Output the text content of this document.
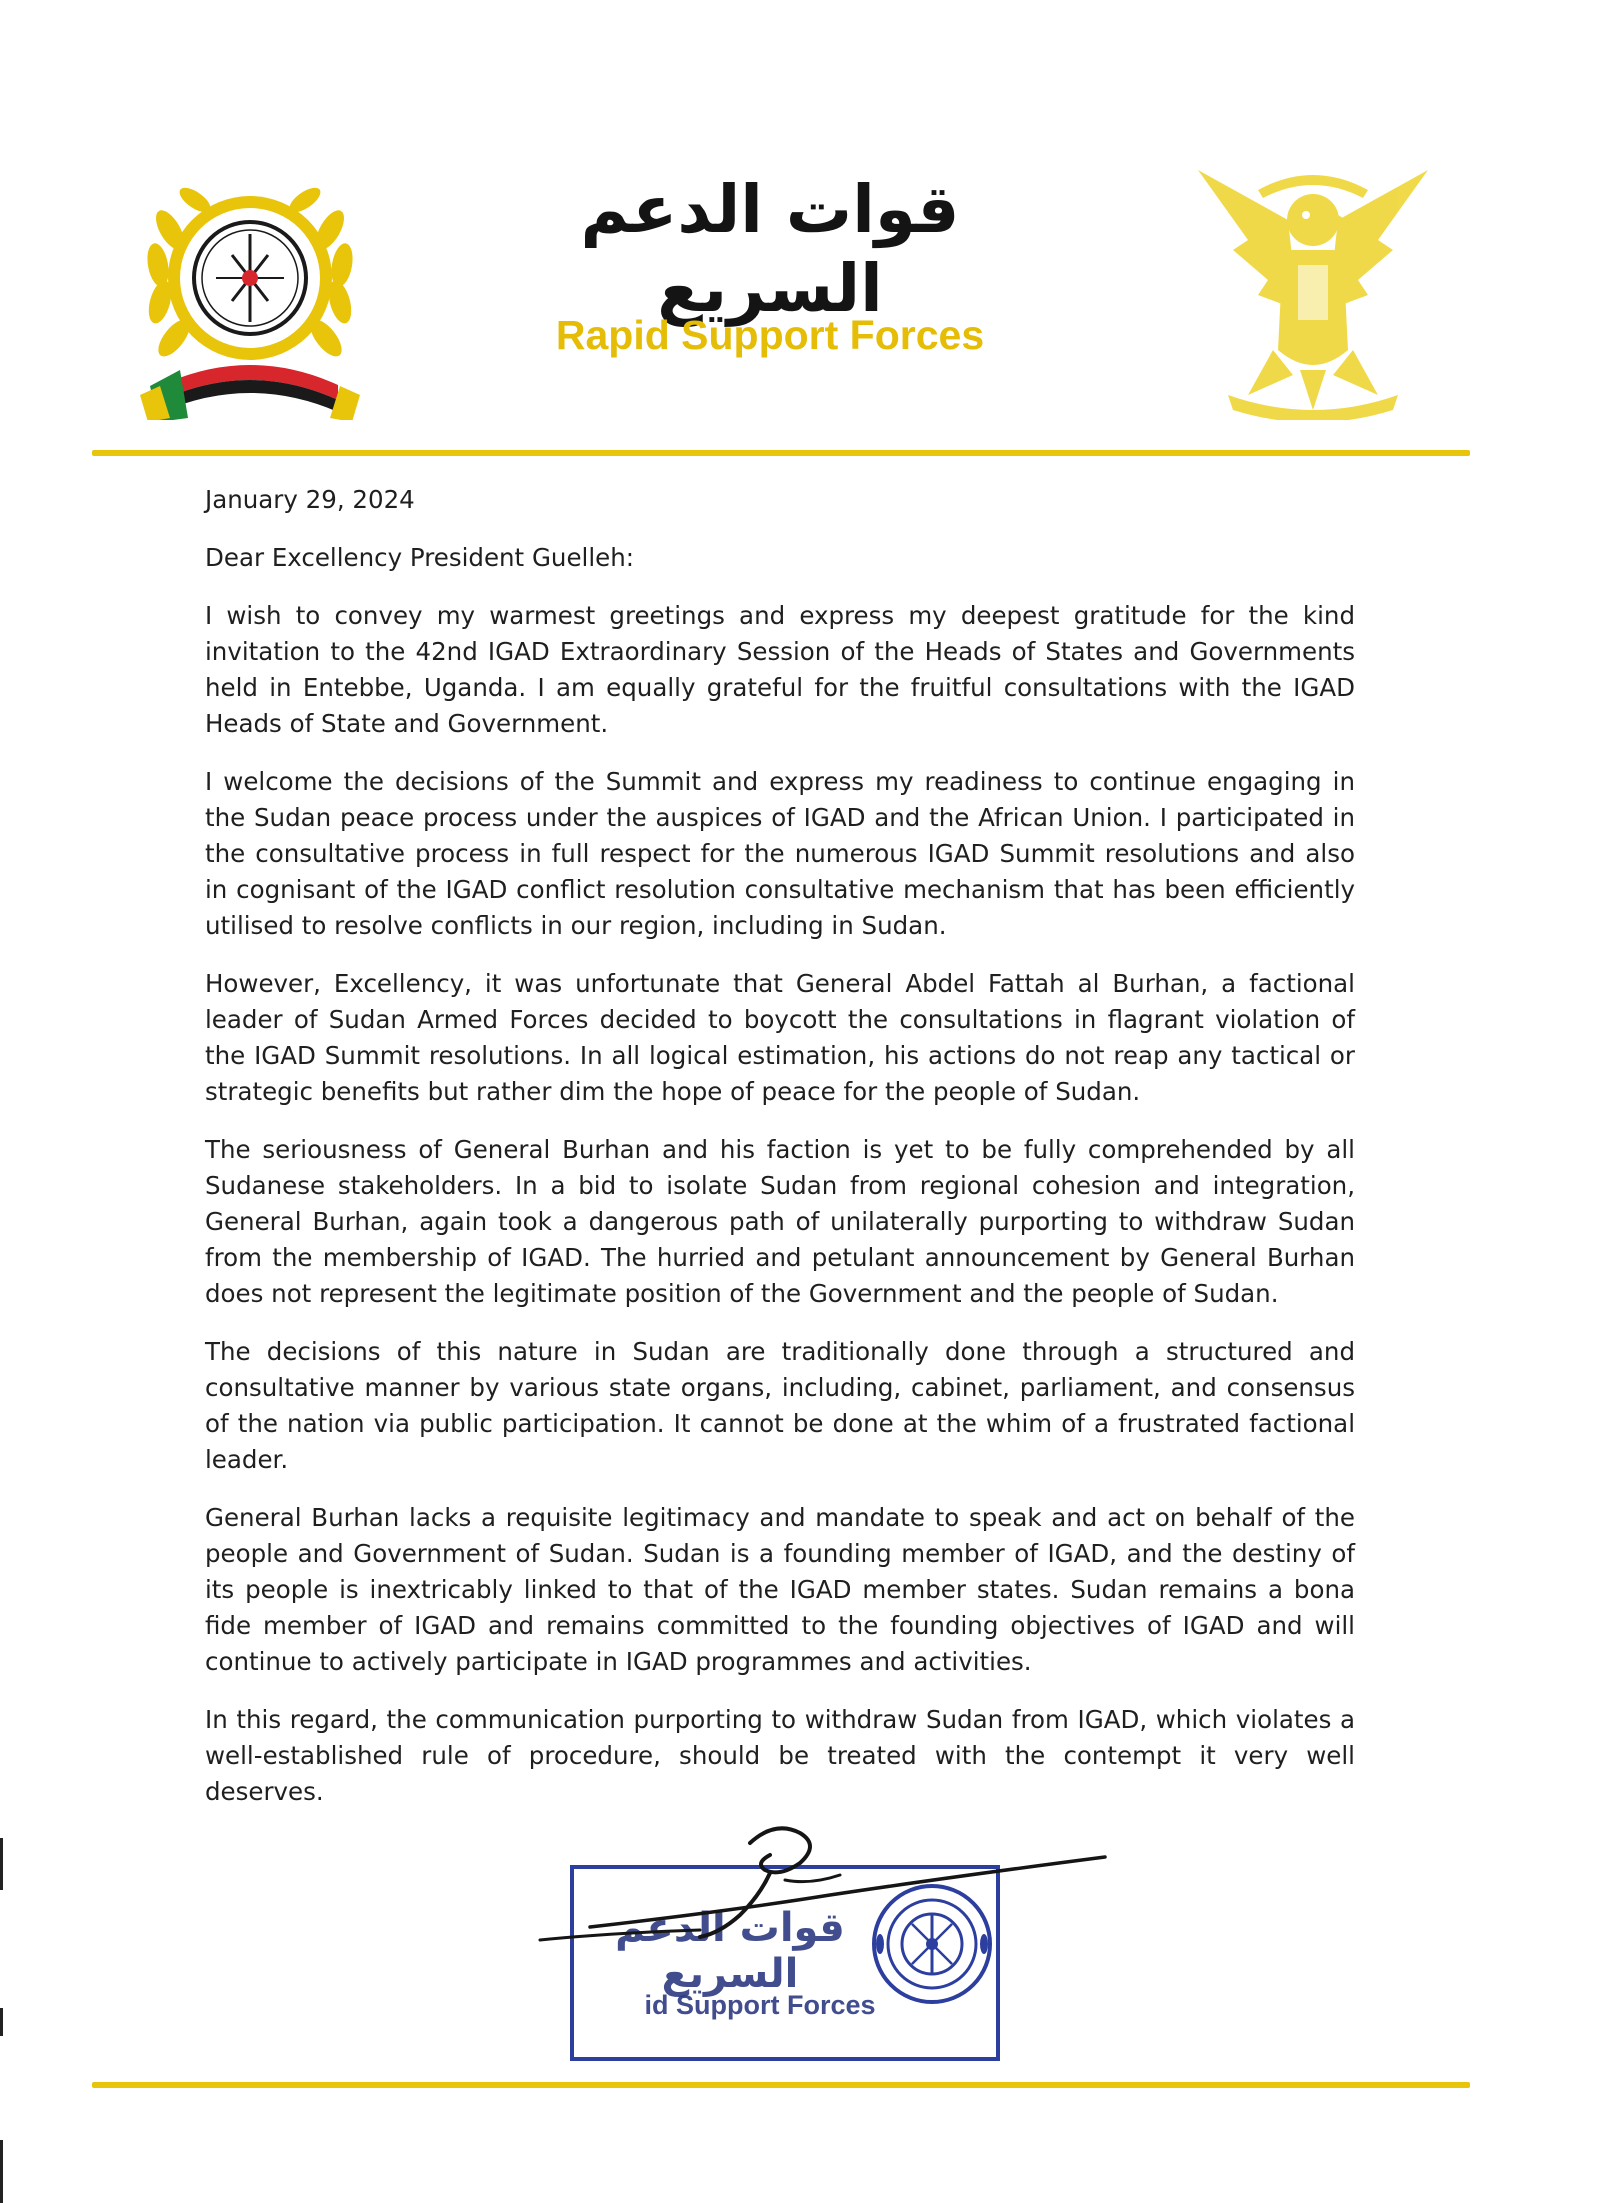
قوات الدعم السريع
Rapid Support Forces

January 29, 2024

Dear Excellency President Guelleh:

I wish to convey my warmest greetings and express my deepest gratitude for the kind invitation to the 42nd IGAD Extraordinary Session of the Heads of States and Governments held in Entebbe, Uganda. I am equally grateful for the fruitful consultations with the IGAD Heads of State and Government.

I welcome the decisions of the Summit and express my readiness to continue engaging in the Sudan peace process under the auspices of IGAD and the African Union. I participated in the consultative process in full respect for the numerous IGAD Summit resolutions and also in cognisant of the IGAD conflict resolution consultative mechanism that has been efficiently utilised to resolve conflicts in our region, including in Sudan.

However, Excellency, it was unfortunate that General Abdel Fattah al Burhan, a factional leader of Sudan Armed Forces decided to boycott the consultations in flagrant violation of the IGAD Summit resolutions. In all logical estimation, his actions do not reap any tactical or strategic benefits but rather dim the hope of peace for the people of Sudan.

The seriousness of General Burhan and his faction is yet to be fully comprehended by all Sudanese stakeholders. In a bid to isolate Sudan from regional cohesion and integration, General Burhan, again took a dangerous path of unilaterally purporting to withdraw Sudan from the membership of IGAD. The hurried and petulant announcement by General Burhan does not represent the legitimate position of the Government and the people of Sudan.

The decisions of this nature in Sudan are traditionally done through a structured and consultative manner by various state organs, including, cabinet, parliament, and consensus of the nation via public participation. It cannot be done at the whim of a frustrated factional leader.

General Burhan lacks a requisite legitimacy and mandate to speak and act on behalf of the people and Government of Sudan. Sudan is a founding member of IGAD, and the destiny of its people is inextricably linked to that of the IGAD member states. Sudan remains a bona fide member of IGAD and remains committed to the founding objectives of IGAD and will continue to actively participate in IGAD programmes and activities.

In this regard, the communication purporting to withdraw Sudan from IGAD, which violates a well-established rule of procedure, should be treated with the contempt it very well deserves.

قوات الدعم السريع
id Support Forces
